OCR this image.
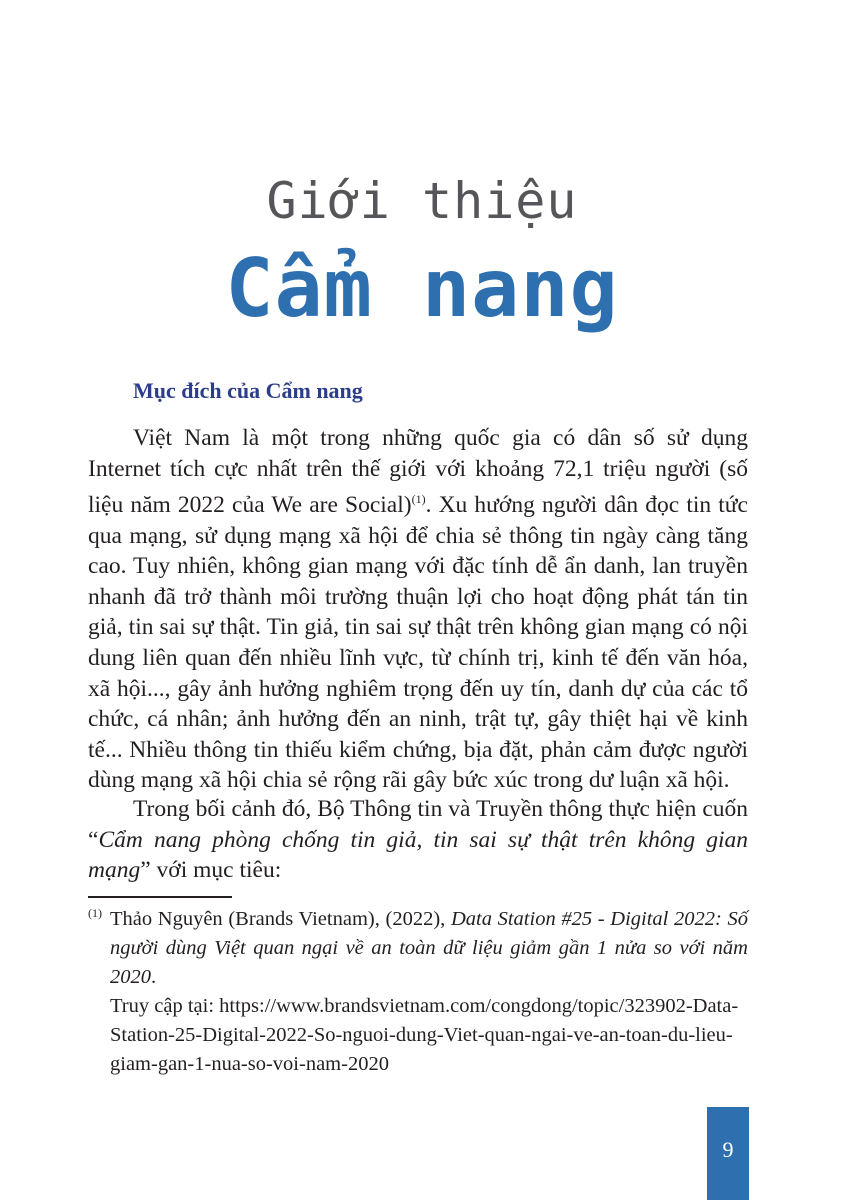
Giới thiệu
Cẩm nang
Mục đích của Cẩm nang

Việt Nam là một trong những quốc gia có dân số sử dụng Internet tích cực nhất trên thế giới với khoảng 72,1 triệu người (số liệu năm 2022 của We are Social)$^{(1)}$. Xu hướng người dân đọc tin tức qua mạng, sử dụng mạng xã hội để chia sẻ thông tin ngày càng tăng cao. Tuy nhiên, không gian mạng với đặc tính dễ ẩn danh, lan truyền nhanh đã trở thành môi trường thuận lợi cho hoạt động phát tán tin giả, tin sai sự thật. Tin giả, tin sai sự thật trên không gian mạng có nội dung liên quan đến nhiều lĩnh vực, từ chính trị, kinh tế đến văn hóa, xã hội..., gây ảnh hưởng nghiêm trọng đến uy tín, danh dự của các tổ chức, cá nhân; ảnh hưởng đến an ninh, trật tự, gây thiệt hại về kinh tế... Nhiều thông tin thiếu kiểm chứng, bịa đặt, phản cảm được người dùng mạng xã hội chia sẻ rộng rãi gây bức xúc trong dư luận xã hội.

Trong bối cảnh đó, Bộ Thông tin và Truyền thông thực hiện cuốn “Cẩm nang phòng chống tin giả, tin sai sự thật trên không gian mạng” với mục tiêu:

(1) Thảo Nguyên (Brands Vietnam), (2022), Data Station #25 - Digital 2022: Số người dùng Việt quan ngại về an toàn dữ liệu giảm gần 1 nửa so với năm 2020.

Truy cập tại: https://www.brandsvietnam.com/congdong/topic/323902-Data-Station-25-Digital-2022-So-nguoi-dung-Viet-quan-ngai-ve-an-toan-du-lieu-giam-gan-1-nua-so-voi-nam-2020

9
